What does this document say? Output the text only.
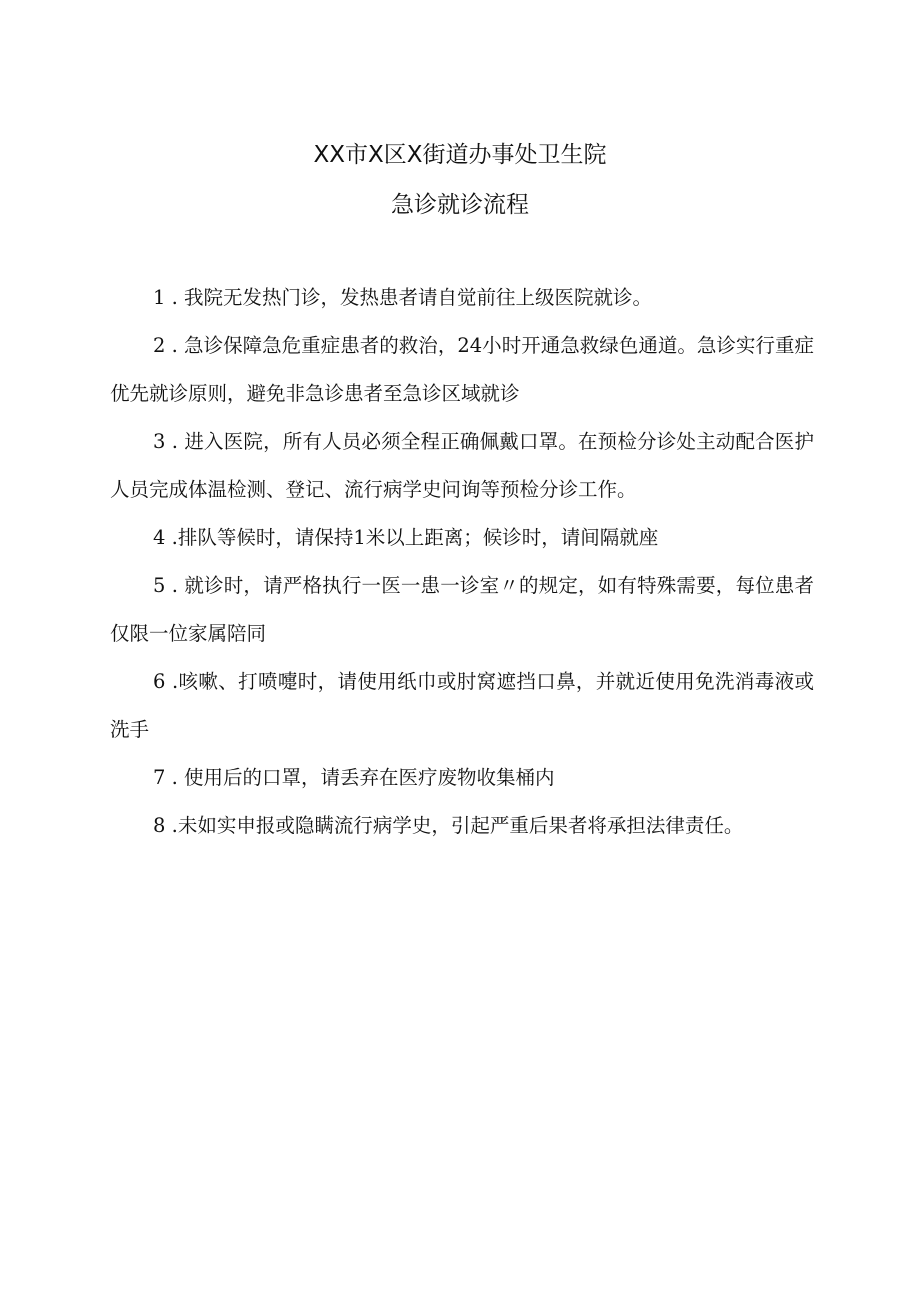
XX市X区X街道办事处卫生院
急诊就诊流程

1 . 我院无发热门诊，发热患者请自觉前往上级医院就诊。

2 . 急诊保障急危重症患者的救治，24小时开通急救绿色通道。急诊实行重症优先就诊原则，避免非急诊患者至急诊区域就诊

3 . 进入医院，所有人员必须全程正确佩戴口罩。在预检分诊处主动配合医护人员完成体温检测、登记、流行病学史问询等预检分诊工作。

4 .排队等候时，请保持1米以上距离；候诊时，请间隔就座

5 . 就诊时，请严格执行一医一患一诊室〃的规定，如有特殊需要，每位患者仅限一位家属陪同

6 .咳嗽、打喷嚏时，请使用纸巾或肘窝遮挡口鼻，并就近使用免洗消毒液或洗手

7 . 使用后的口罩，请丢弃在医疗废物收集桶内

8 .未如实申报或隐瞒流行病学史，引起严重后果者将承担法律责任。
